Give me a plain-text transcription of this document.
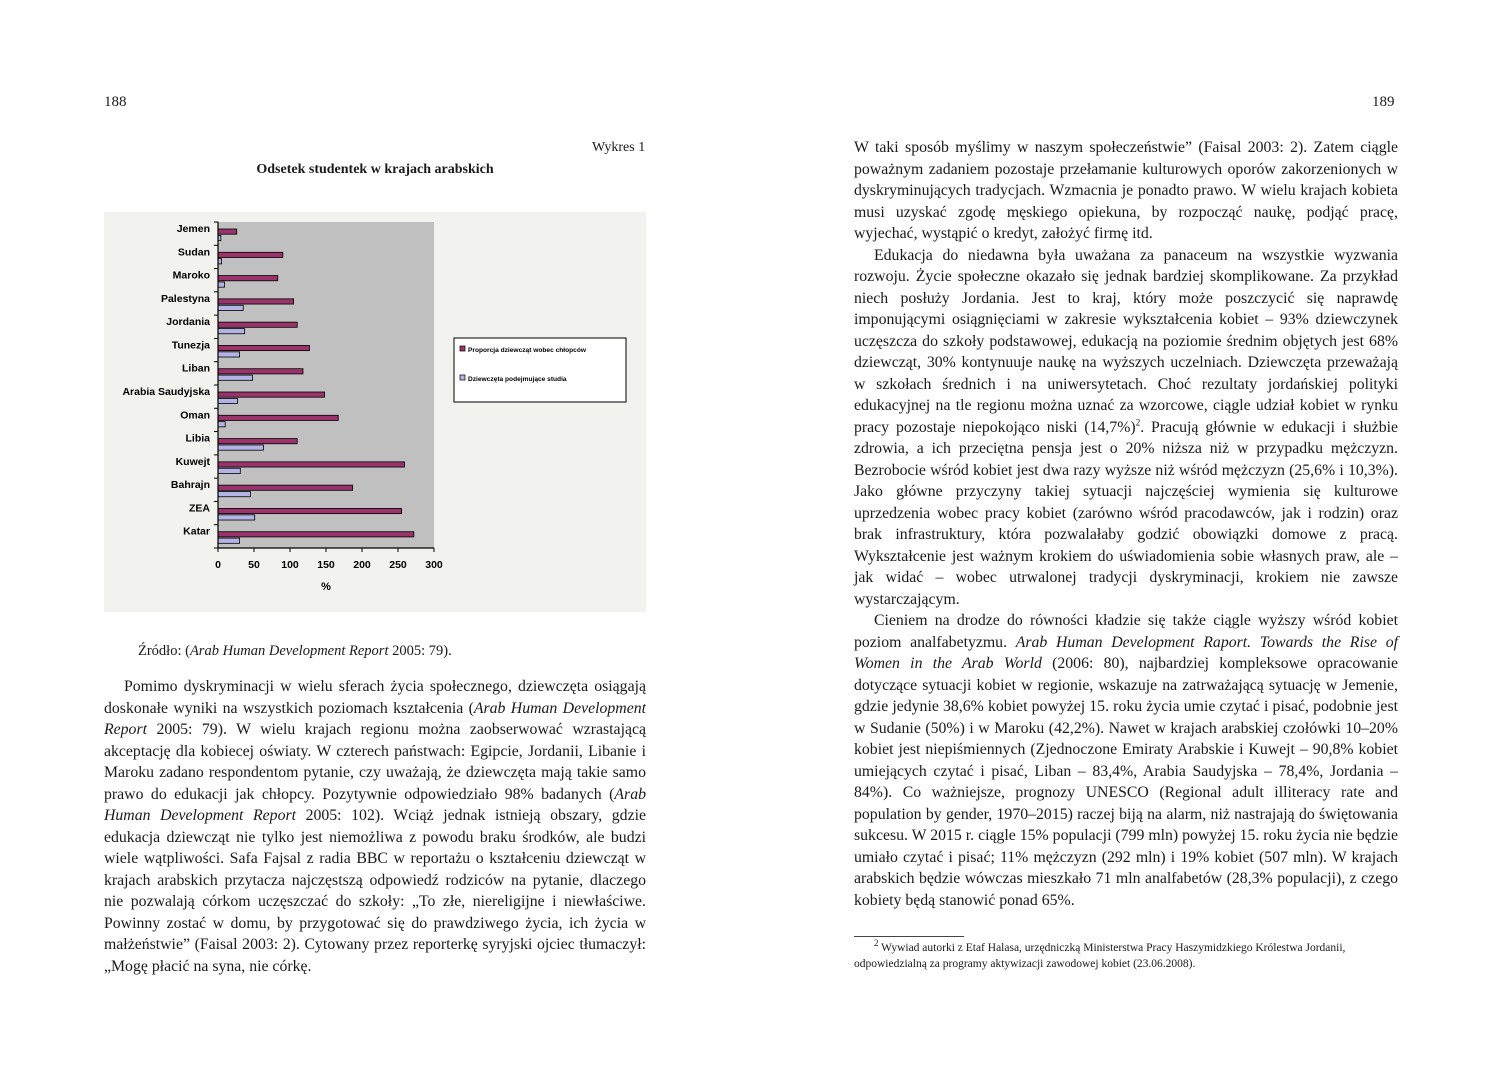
188	189
Wykres 1
Odsetek studentek w krajach arabskich
Jemen
Sudan
Maroko
Palestyna
Jordania
Tunezja
Liban
Arabia Saudyjska
Oman
Libia
Kuwejt
Bahrajn
ZEA
Katar
0	50 100 150 200 250 300
%
Proporcja dziewcząt wobec chłopców
Dziewczęta podejmujące studia
Źródło: (Arab Human Development Report 2005: 79).

Pomimo dyskryminacji w wielu sferach życia społecznego, dziewczęta osiągają doskonałe wyniki na wszystkich poziomach kształcenia (Arab Human Development Report 2005: 79). W wielu krajach regionu można zaobserwować wzrastającą akceptację dla kobiecej oświaty. W czterech państwach: Egipcie, Jordanii, Libanie i Maroku zadano respondentom pytanie, czy uważają, że dziewczęta mają takie samo prawo do edukacji jak chłopcy. Pozytywnie odpowiedziało 98% badanych (Arab Human Development Report 2005: 102). Wciąż jednak istnieją obszary, gdzie edukacja dziewcząt nie tylko jest niemożliwa z powodu braku środków, ale budzi wiele wątpliwości. Safa Fajsal z radia BBC w reportażu o kształceniu dziewcząt w krajach arabskich przytacza najczęstszą odpowiedź rodziców na pytanie, dlaczego nie pozwalają córkom uczęszczać do szkoły: „To złe, niereligijne i niewłaściwe. Powinny zostać w domu, by przygotować się do prawdziwego życia, ich życia w małżeństwie” (Faisal 2003: 2). Cytowany przez reporterkę syryjski ojciec tłumaczył: „Mogę płacić na syna, nie córkę.

W taki sposób myślimy w naszym społeczeństwie” (Faisal 2003: 2). Zatem ciągle poważnym zadaniem pozostaje przełamanie kulturowych oporów zakorzenionych w dyskryminujących tradycjach. Wzmacnia je ponadto prawo. W wielu krajach kobieta musi uzyskać zgodę męskiego opiekuna, by rozpocząć naukę, podjąć pracę, wyjechać, wystąpić o kredyt, założyć firmę itd.

Edukacja do niedawna była uważana za panaceum na wszystkie wyzwania rozwoju. Życie społeczne okazało się jednak bardziej skomplikowane. Za przykład niech posłuży Jordania. Jest to kraj, który może poszczycić się naprawdę imponującymi osiągnięciami w zakresie wykształcenia kobiet – 93% dziewczynek uczęszcza do szkoły podstawowej, edukacją na poziomie średnim objętych jest 68% dziewcząt, 30% kontynuuje naukę na wyższych uczelniach. Dziewczęta przeważają w szkołach średnich i na uniwersytetach. Choć rezultaty jordańskiej polityki edukacyjnej na tle regionu można uznać za wzorcowe, ciągle udział kobiet w rynku pracy pozostaje niepokojąco niski $(14,7\%)^2$. Pracują głównie w edukacji i służbie zdrowia, a ich przeciętna pensja jest o 20% niższa niż w przypadku mężczyzn. Bezrobocie wśród kobiet jest dwa razy wyższe niż wśród mężczyzn (25,6% i 10,3%). Jako główne przyczyny takiej sytuacji najczęściej wymienia się kulturowe uprzedzenia wobec pracy kobiet (zarówno wśród pracodawców, jak i rodzin) oraz brak infrastruktury, która pozwalałaby godzić obowiązki domowe z pracą. Wykształcenie jest ważnym krokiem do uświadomienia sobie własnych praw, ale – jak widać – wobec utrwalonej tradycji dyskryminacji, krokiem nie zawsze wystarczającym.

Cieniem na drodze do równości kładzie się także ciągle wyższy wśród kobiet poziom analfabetyzmu. Arab Human Development Raport. Towards the Rise of Women in the Arab World (2006: 80), najbardziej kompleksowe opracowanie dotyczące sytuacji kobiet w regionie, wskazuje na zatrważającą sytuację w Jemenie, gdzie jedynie 38,6% kobiet powyżej 15. roku życia umie czytać i pisać, podobnie jest w Sudanie (50%) i w Maroku (42,2%). Nawet w krajach arabskiej czołówki 10–20% kobiet jest niepiśmiennych (Zjednoczone Emiraty Arabskie i Kuwejt – 90,8% kobiet umiejących czytać i pisać, Liban – 83,4%, Arabia Saudyjska – 78,4%, Jordania – 84%). Co ważniejsze, prognozy UNESCO (Regional adult illiteracy rate and population by gender, 1970–2015) raczej biją na alarm, niż nastrajają do świętowania sukcesu. W 2015 r. ciągle 15% populacji (799 mln) powyżej 15. roku życia nie będzie umiało czytać i pisać; 11% mężczyzn (292 mln) i 19% kobiet (507 mln). W krajach arabskich będzie wówczas mieszkało 71 mln analfabetów (28,3% populacji), z czego kobiety będą stanowić ponad 65%.

$^2$ Wywiad autorki z Etaf Halasa, urzędniczką Ministerstwa Pracy Haszymidzkiego Królestwa Jordanii, odpowiedzialną za programy aktywizacji zawodowej kobiet (23.06.2008).
